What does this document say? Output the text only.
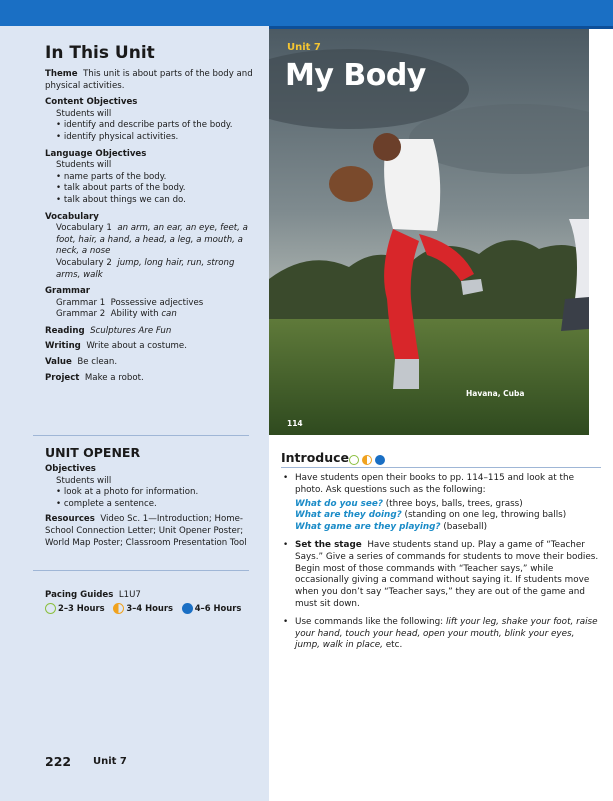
In This Unit
Theme This unit is about parts of the body and physical activities.
Content Objectives
Students will
• identify and describe parts of the body.
• identify physical activities.
Language Objectives
Students will
• name parts of the body.
• talk about parts of the body.
• talk about things we can do.
Vocabulary
Vocabulary 1 an arm, an ear, an eye, feet, a foot, hair, a hand, a head, a leg, a mouth, a neck, a nose
Vocabulary 2 jump, long hair, run, strong arms, walk
Grammar
Grammar 1 Possessive adjectives
Grammar 2 Ability with can
Reading Sculptures Are Fun
Writing Write about a costume.
Value Be clean.
Project Make a robot.
UNIT OPENER
Objectives
Students will
• look at a photo for information.
• complete a sentence.
Resources Video Sc. 1—Introduction; Home-School Connection Letter; Unit Opener Poster; World Map Poster; Classroom Presentation Tool
Pacing Guides L1U7
2–3 Hours	3–4 Hours	4–6 Hours
222 Unit 7
Unit 7
My Body
Havana, Cuba
114
Introduce
• Have students open their books to pp. 114–115 and look at the photo. Ask questions such as the following:
What do you see? (three boys, balls, trees, grass)
What are they doing? (standing on one leg, throwing balls)
What game are they playing? (baseball)
• Set the stage Have students stand up. Play a game of “Teacher Says.” Give a series of commands for students to move their bodies. Begin most of those commands with “Teacher says,” while occasionally giving a command without saying it. If students move when you don’t say “Teacher says,” they are out of the game and must sit down.
• Use commands like the following: lift your leg, shake your foot, raise your hand, touch your head, open your mouth, blink your eyes, jump, walk in place, etc.
